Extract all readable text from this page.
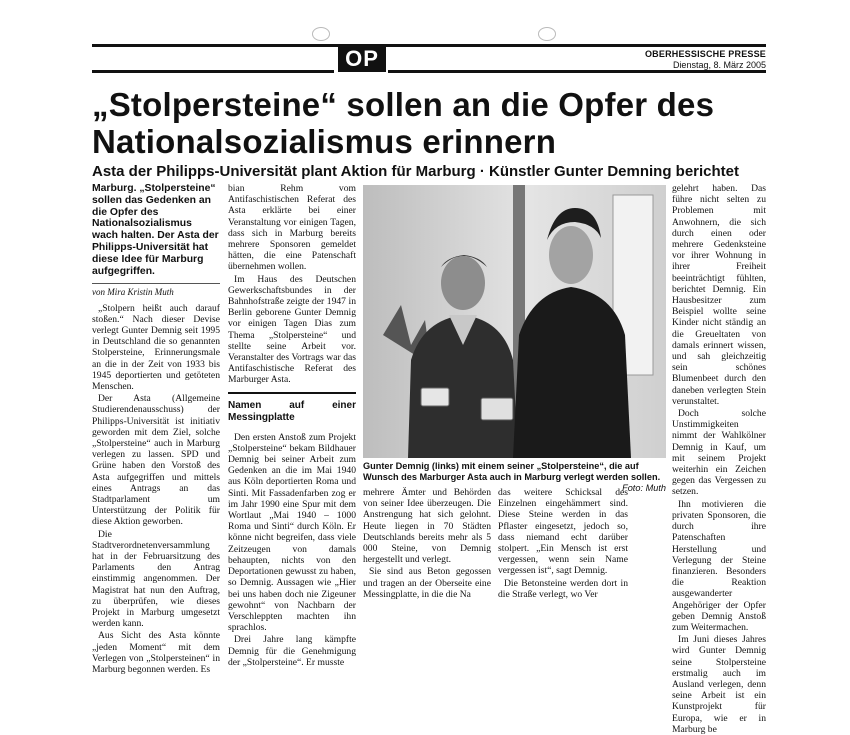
OP	OBERHESSISCHE PRESSE
Dienstag, 8. März 2005
„Stolpersteine“ sollen an die Opfer des Nationalsozialismus erinnern
Asta der Philipps-Universität plant Aktion für Marburg · Künstler Gunter Demning berichtet
Marburg. „Stolpersteine“ sollen das Gedenken an die Opfer des Nationalsozialismus wach halten. Der Asta der Philipps-Universität hat diese Idee für Marburg aufgegriffen.
von Mira Kristin Muth

„Stolpern heißt auch darauf stoßen.“ Nach dieser Devise verlegt Gunter Demnig seit 1995 in Deutschland die so genannten Stolpersteine, Erinnerungsmale an die in der Zeit von 1933 bis 1945 deportierten und getöteten Menschen.

Der Asta (Allgemeine Studierendenausschuss) der Philipps-Universität ist initiativ geworden mit dem Ziel, solche „Stolpersteine“ auch in Marburg verlegen zu lassen. SPD und Grüne haben den Vorstoß des Asta aufgegriffen und mittels eines Antrags an das Stadtparlament um Unterstützung der Politik für diese Aktion geworben.

Die Stadtverordnetenversammlung hat in der Februarsitzung des Parlaments den Antrag einstimmig angenommen. Der Magistrat hat nun den Auftrag, zu überprüfen, wie dieses Projekt in Marburg umgesetzt werden kann.

Aus Sicht des Asta könnte „jeden Moment“ mit dem Verlegen von „Stolpersteinen“ in Marburg begonnen werden. Es

bian Rehm vom Antifaschistischen Referat des Asta erklärte bei einer Veranstaltung vor einigen Tagen, dass sich in Marburg bereits mehrere Sponsoren gemeldet hätten, die eine Patenschaft übernehmen wollen.

Im Haus des Deutschen Gewerkschaftsbundes in der Bahnhofstraße zeigte der 1947 in Berlin geborene Gunter Demnig vor einigen Tagen Dias zum Thema „Stolpersteine“ und stellte seine Arbeit vor. Veranstalter des Vortrags war das Antifaschistische Referat des Marburger Asta.

Namen auf einer Messingplatte

Den ersten Anstoß zum Projekt „Stolpersteine“ bekam Bildhauer Demnig bei seiner Arbeit zum Gedenken an die im Mai 1940 aus Köln deportierten Roma und Sinti. Mit Fassadenfarben zog er im Jahr 1990 eine Spur mit dem Wortlaut „Mai 1940 – 1000 Roma und Sinti“ durch Köln. Er könne nicht begreifen, dass viele Zeitzeugen von damals behaupten, nichts von den Deportationen gewusst zu haben, so Demnig. Aussagen wie „Hier bei uns haben doch nie Zigeuner gewohnt“ von Nachbarn der Verschleppten machten ihn sprachlos.

Drei Jahre lang kämpfte Demnig für die Genehmigung der „Stolpersteine“. Er musste

Gunter Demnig (links) mit einem seiner „Stolpersteine“, die auf Wunsch des Marburger Asta auch in Marburg verlegt werden sollen.
Foto: Muth

mehrere Ämter und Behörden von seiner Idee überzeugen. Die Anstrengung hat sich gelohnt. Heute liegen in 70 Städten Deutschlands bereits mehr als 5 000 Steine, von Demnig hergestellt und verlegt.

Sie sind aus Beton gegossen und tragen an der Oberseite eine Messingplatte, in die die Na

das weitere Schicksal des Einzelnen eingehämmert sind. Diese Steine werden in das Pflaster eingesetzt, jedoch so, dass niemand echt darüber stolpert. „Ein Mensch ist erst vergessen, wenn sein Name vergessen ist“, sagt Demnig.

Die Betonsteine werden dort in die Straße verlegt, wo Ver

gelehrt haben. Das führe nicht selten zu Problemen mit Anwohnern, die sich durch einen oder mehrere Gedenksteine vor ihrer Wohnung in ihrer Freiheit beeinträchtigt fühlten, berichtet Demnig. Ein Hausbesitzer zum Beispiel wollte seine Kinder nicht ständig an die Greueltaten von damals erinnert wissen, und sah gleichzeitig sein schönes Blumenbeet durch den daneben verlegten Stein verunstaltet.

Doch solche Unstimmigkeiten nimmt der Wahlkölner Demnig in Kauf, um mit seinem Projekt weiterhin ein Zeichen gegen das Vergessen zu setzen.

Ihn motivieren die privaten Sponsoren, die durch ihre Patenschaften Herstellung und Verlegung der Steine finanzieren. Besonders die Reaktion ausgewanderter Angehöriger der Opfer geben Demnig Anstoß zum Weitermachen.

Im Juni dieses Jahres wird Gunter Demnig seine Stolpersteine erstmalig auch im Ausland verlegen, denn seine Arbeit ist ein Kunstprojekt für Europa, wie er in Marburg be
